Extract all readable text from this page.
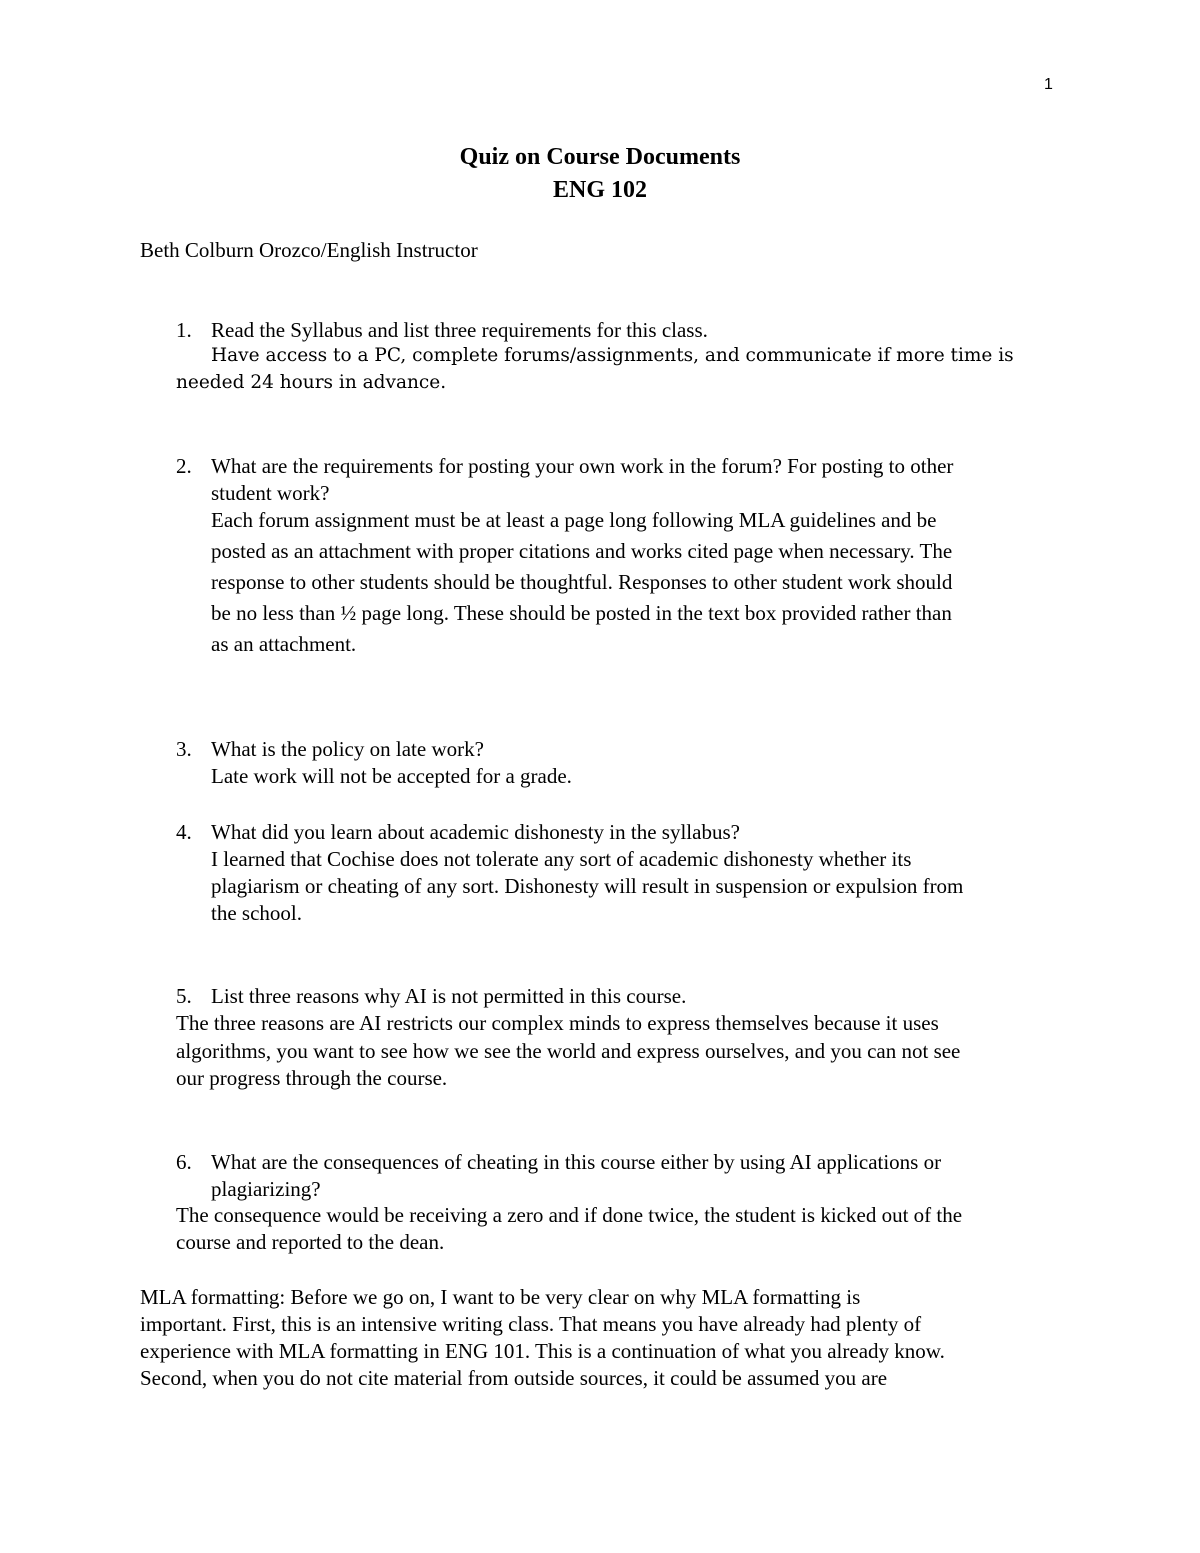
1
Quiz on Course Documents
ENG 102
Beth Colburn Orozco/English Instructor
1. Read the Syllabus and list three requirements for this class.
Have access to a PC, complete forums/assignments, and communicate if more time is
needed 24 hours in advance.
2. What are the requirements for posting your own work in the forum? For posting to other
student work?
Each forum assignment must be at least a page long following MLA guidelines and be
posted as an attachment with proper citations and works cited page when necessary. The
response to other students should be thoughtful. Responses to other student work should
be no less than ½ page long. These should be posted in the text box provided rather than
as an attachment.
3. What is the policy on late work?
Late work will not be accepted for a grade.
4. What did you learn about academic dishonesty in the syllabus?
I learned that Cochise does not tolerate any sort of academic dishonesty whether its
plagiarism or cheating of any sort. Dishonesty will result in suspension or expulsion from
the school.
5. List three reasons why AI is not permitted in this course.
The three reasons are AI restricts our complex minds to express themselves because it uses
algorithms, you want to see how we see the world and express ourselves, and you can not see
our progress through the course.
6. What are the consequences of cheating in this course either by using AI applications or
plagiarizing?
The consequence would be receiving a zero and if done twice, the student is kicked out of the
course and reported to the dean.
MLA formatting: Before we go on, I want to be very clear on why MLA formatting is
important. First, this is an intensive writing class. That means you have already had plenty of
experience with MLA formatting in ENG 101. This is a continuation of what you already know.
Second, when you do not cite material from outside sources, it could be assumed you are
